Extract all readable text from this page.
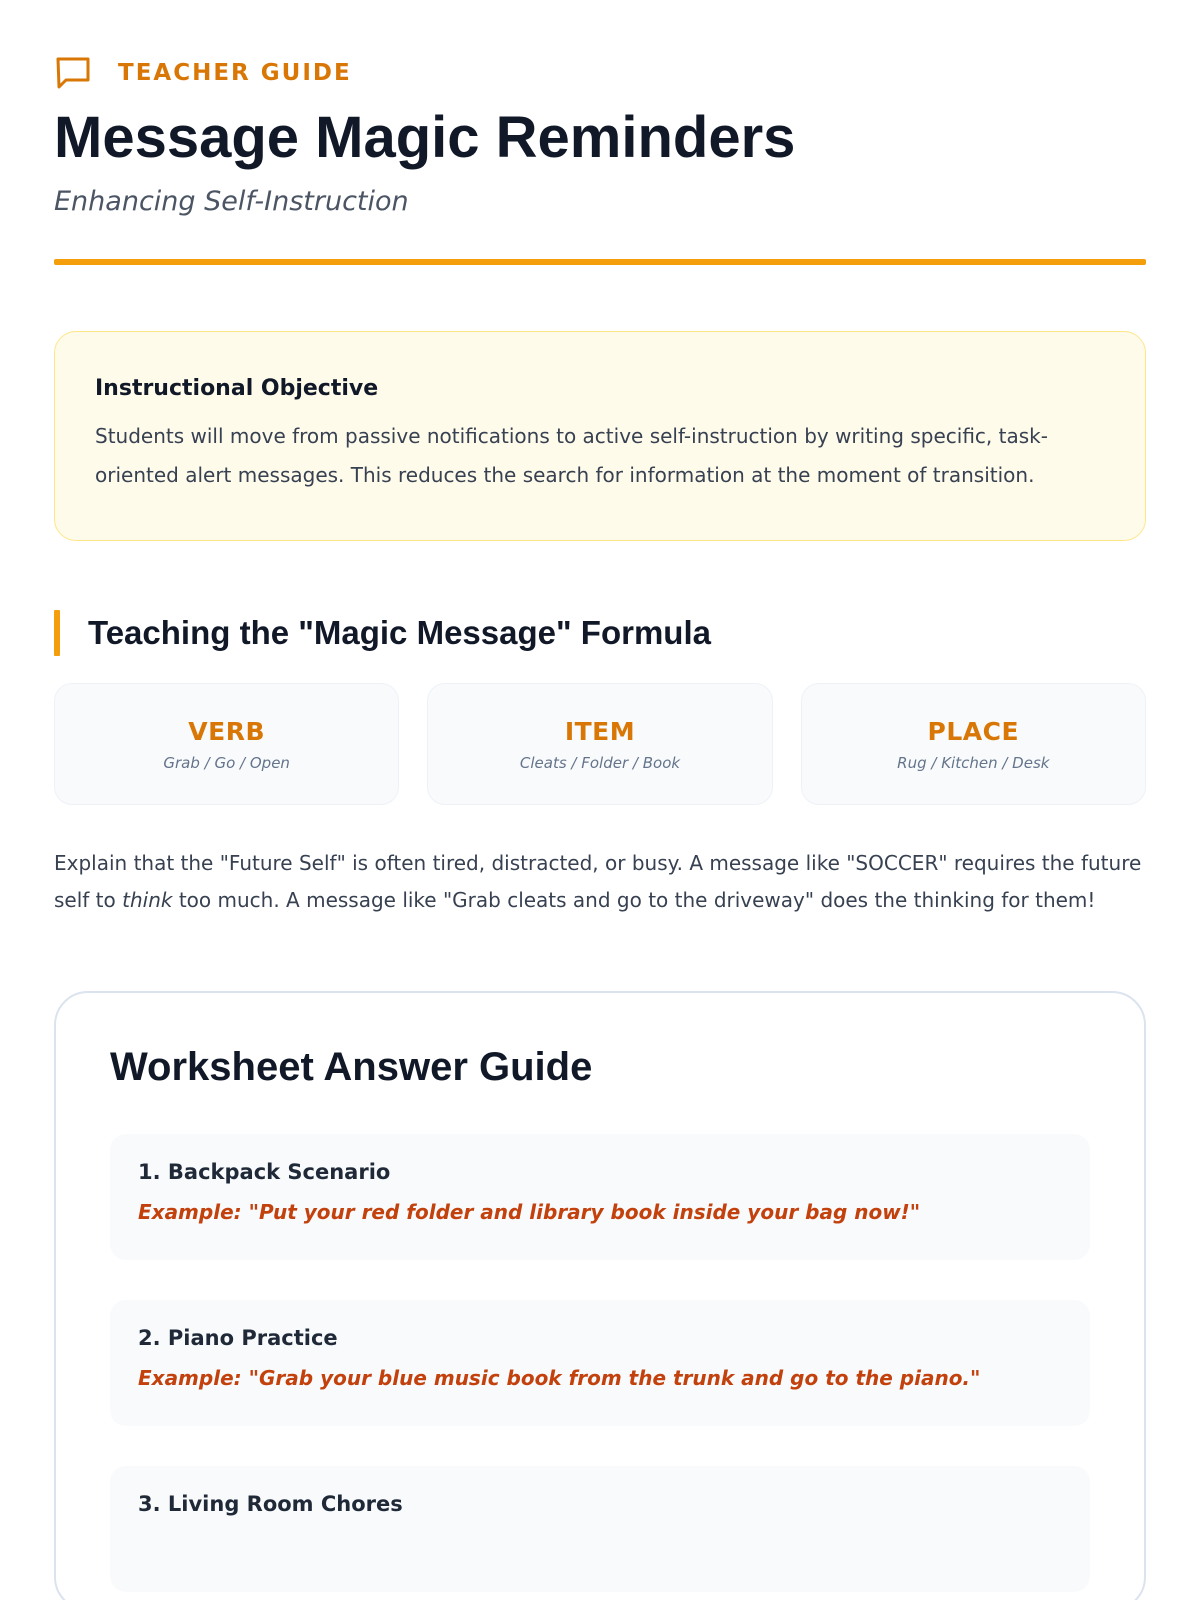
TEACHER GUIDE
Message Magic Reminders
Enhancing Self-Instruction
Instructional Objective
Students will move from passive notifications to active self-instruction by writing specific, task-oriented alert messages. This reduces the search for information at the moment of transition.
Teaching the "Magic Message" Formula
VERB
Grab / Go / Open
ITEM
Cleats / Folder / Book
PLACE
Rug / Kitchen / Desk

Explain that the "Future Self" is often tired, distracted, or busy. A message like "SOCCER" requires the future self to think too much. A message like "Grab cleats and go to the driveway" does the thinking for them!

Worksheet Answer Guide
1. Backpack Scenario
Example: "Put your red folder and library book inside your bag now!"
2. Piano Practice
Example: "Grab your blue music book from the trunk and go to the piano."
3. Living Room Chores
